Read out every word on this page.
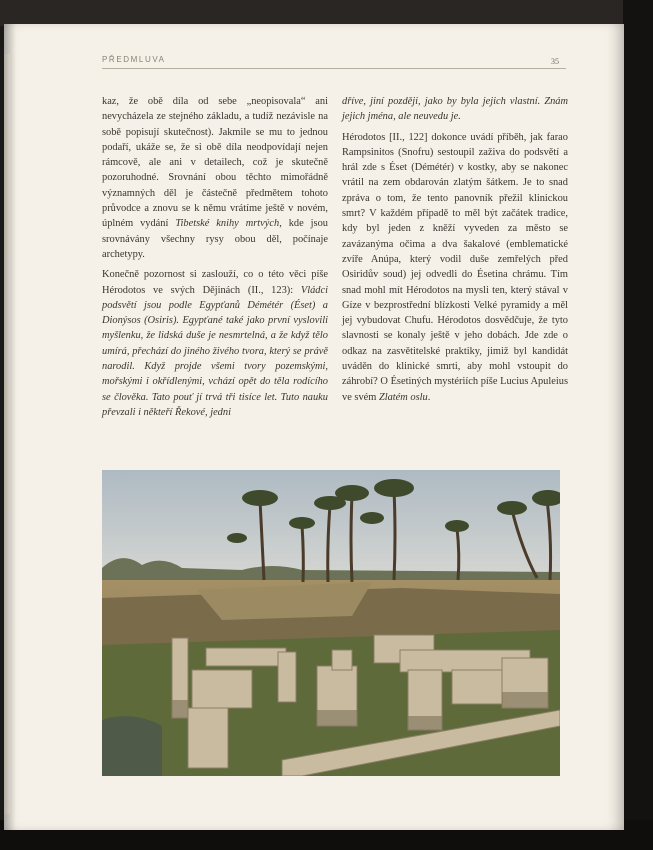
PŘEDMLUVA	35

kaz, že obě díla od sebe „neopisovala“ ani nevycházela ze stejného základu, a tudíž nezávisle na sobě popisují skutečnost). Jakmile se mu to jednou podaří, ukáže se, že si obě díla neodpovídají nejen rámcově, ale ani v detailech, což je skutečně pozoruhodné. Srovnání obou těchto mimořádně významných děl je částečně předmětem tohoto průvodce a znovu se k němu vrátíme ještě v novém, úplném vydání Tibetské knihy mrtvých, kde jsou srovnávány všechny rysy obou děl, počínaje archetypy.

Konečně pozornost si zaslouží, co o této věci píše Hérodotos ve svých Dějinách (II., 123): Vládci podsvětí jsou podle Egypťanů Démétér (Éset) a Dionýsos (Osiris). Egypťané také jako první vyslovili myšlenku, že lidská duše je nesmrtelná, a že když tělo umírá, přechází do jiného živého tvora, který se právě narodil. Když projde všemi tvory pozemskými, mořskými i okřídlenými, vchází opět do těla rodícího se člověka. Tato pouť jí trvá tři tisíce let. Tuto nauku převzali i někteří Řekové, jedni

dříve, jiní později, jako by byla jejich vlastní. Znám jejich jména, ale neuvedu je.

Hérodotos [II., 122] dokonce uvádí příběh, jak farao Rampsinitos (Snofru) sestoupil zaživa do podsvětí a hrál zde s Éset (Démétér) v kostky, aby se nakonec vrátil na zem obdarován zlatým šátkem. Je to snad zpráva o tom, že tento panovník přežil klinickou smrt? V každém případě to měl být začátek tradice, kdy byl jeden z kněží vyveden za město se zavázanýma očima a dva šakalové (emblematické zvíře Anúpa, který vodil duše zemřelých před Osiridův soud) jej odvedli do Ésetina chrámu. Tím snad mohl mít Hérodotos na mysli ten, který stával v Gíze v bezprostřední blízkosti Velké pyramidy a měl jej vybudovat Chufu. Hérodotos dosvědčuje, že tyto slavnosti se konaly ještě v jeho dobách. Jde zde o odkaz na zasvětitelské praktiky, jimiž byl kandidát uváděn do klinické smrti, aby mohl vstoupit do záhrobí? O Ésetiných mystériích píše Lucius Apuleius ve svém Zlatém oslu.
